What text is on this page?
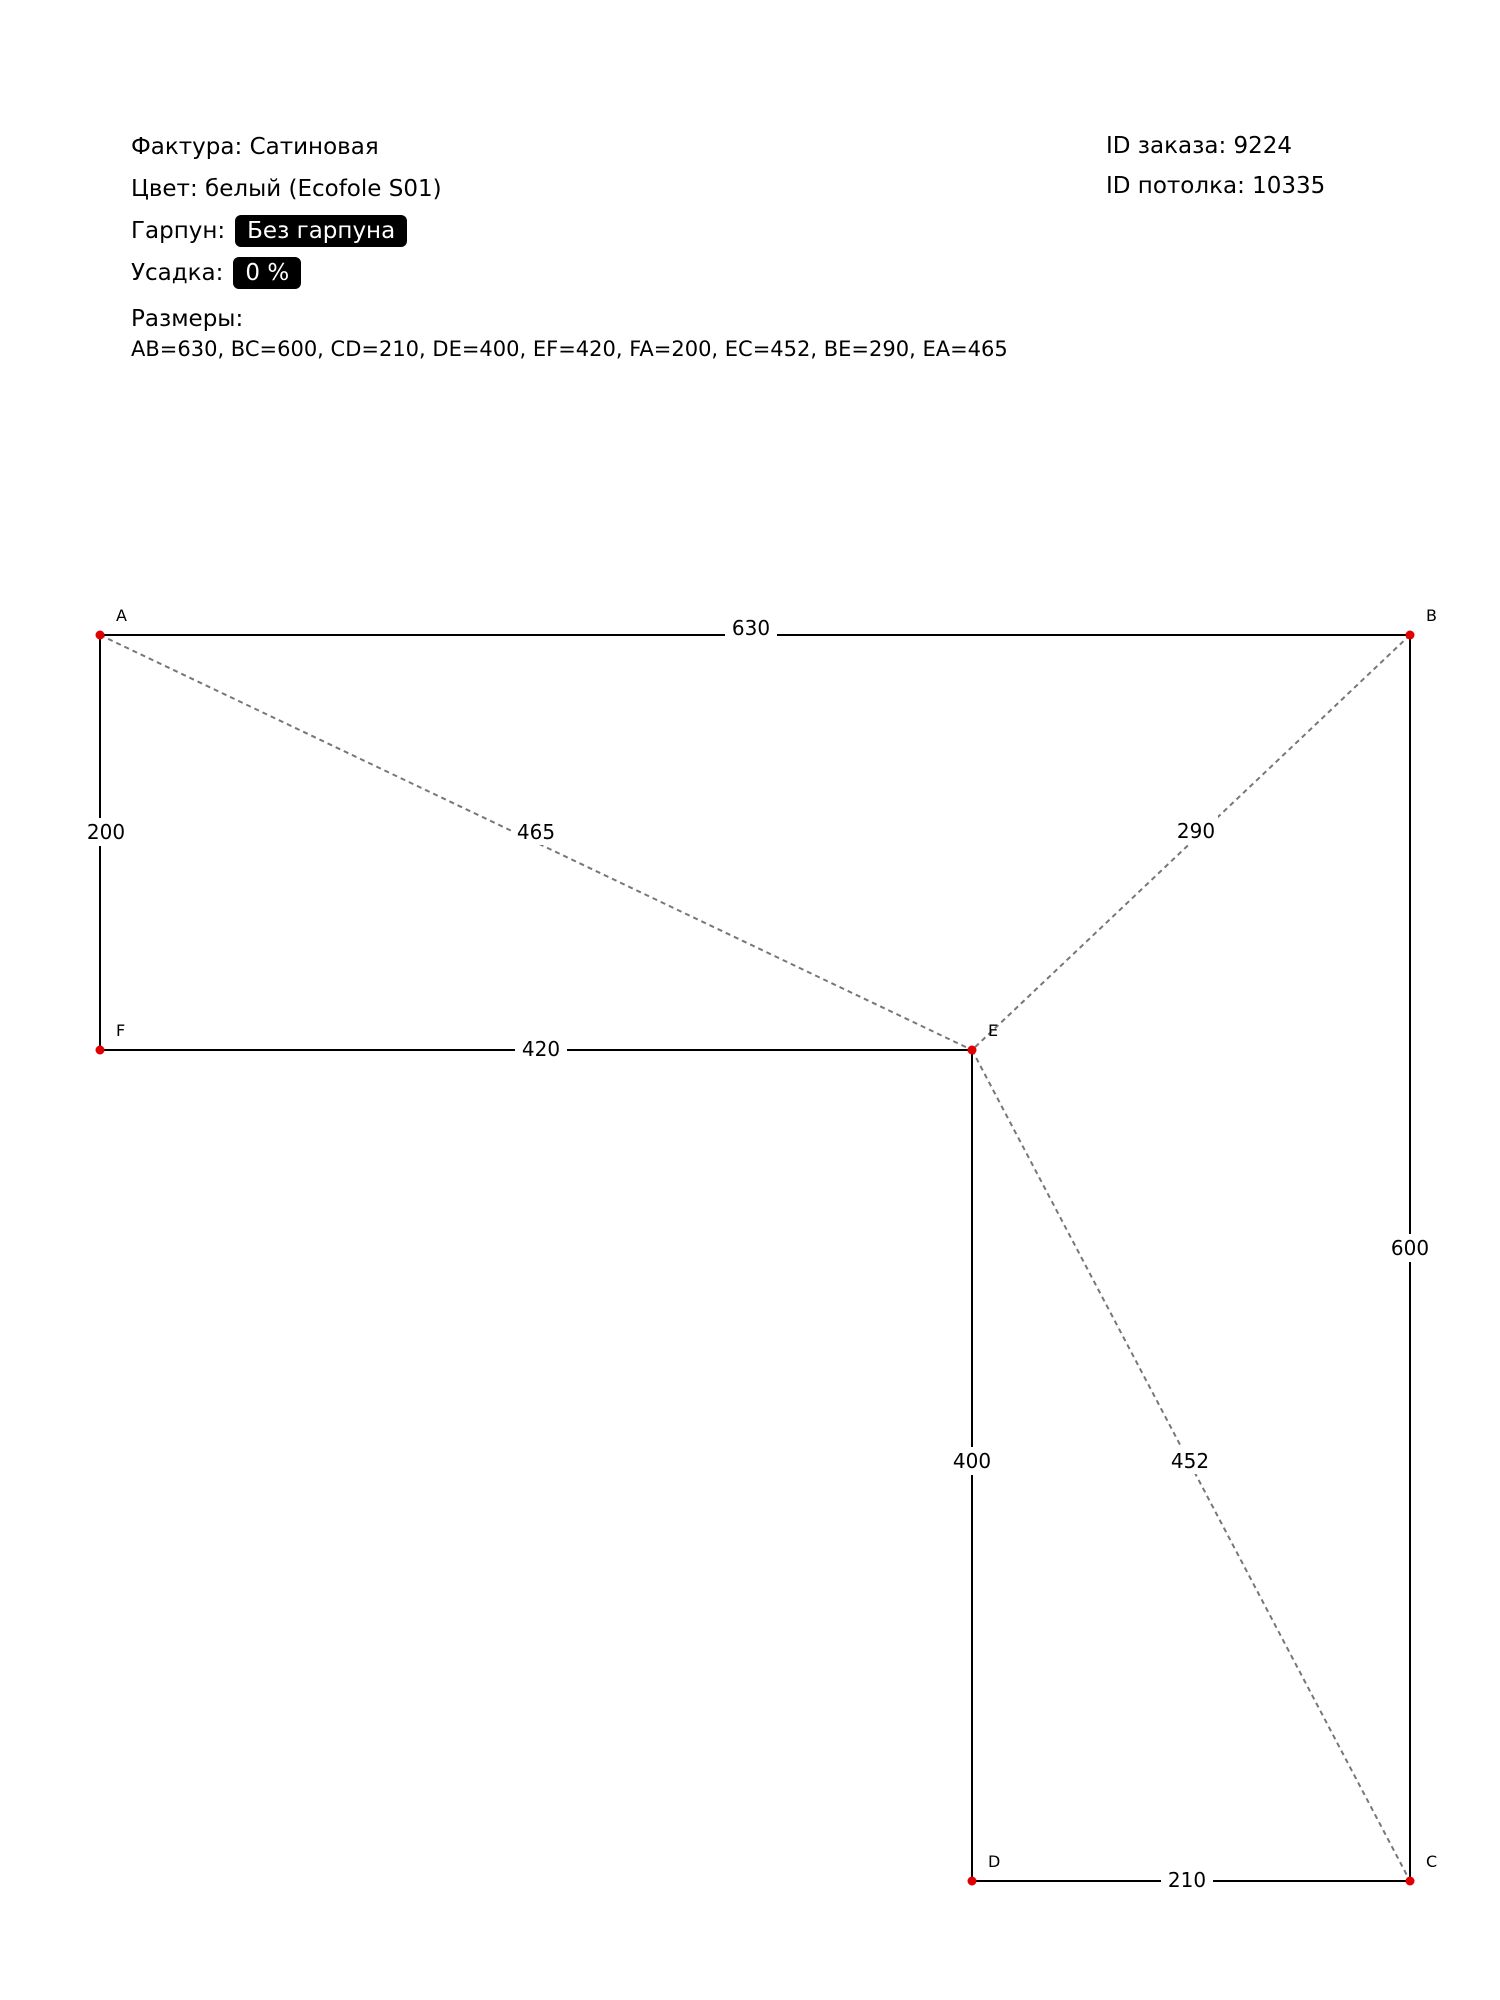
Фактура:
Сатиновая
Цвет:
белый (Ecofole S01)
Гарпун: Без гарпуна
Усадка: 0 %
Размеры:
AB=630, BC=600, CD=210, DE=400, EF=420, FA=200, EC=452, BE=290, EA=465
ID заказа:
9224
ID потолка:
10335
630
600
210
400
420
200	465	290
452
A	B
C
D
E
F
